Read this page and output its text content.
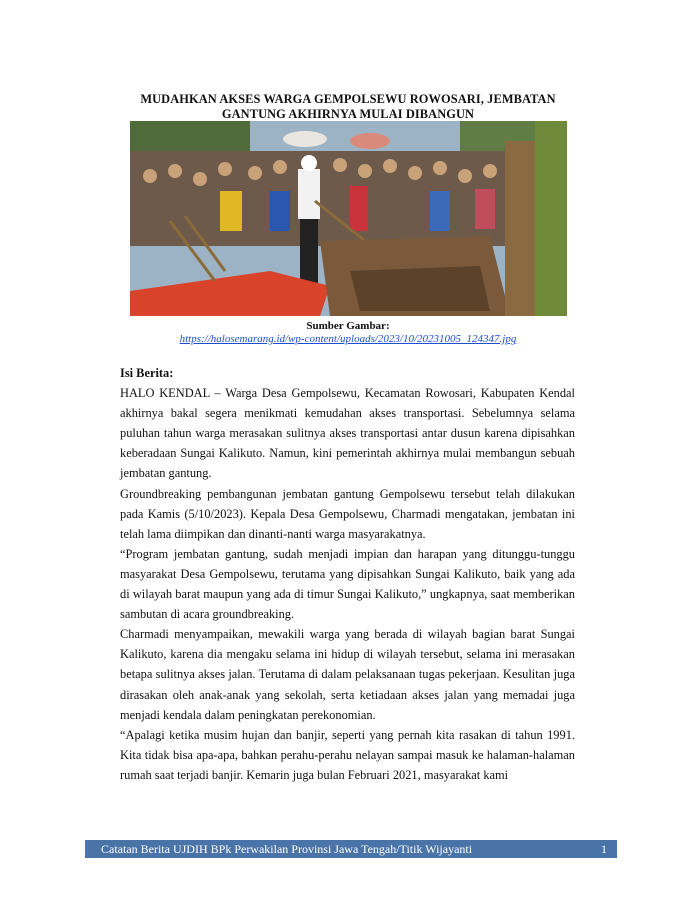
MUDAHKAN AKSES WARGA GEMPOLSEWU ROWOSARI, JEMBATAN GANTUNG AKHIRNYA MULAI DIBANGUN
Sumber Gambar:
https://halosemarang.id/wp-content/uploads/2023/10/20231005_124347.jpg

Isi Berita:

HALO KENDAL – Warga Desa Gempolsewu, Kecamatan Rowosari, Kabupaten Kendal akhirnya bakal segera menikmati kemudahan akses transportasi. Sebelumnya selama puluhan tahun warga merasakan sulitnya akses transportasi antar dusun karena dipisahkan keberadaan Sungai Kalikuto. Namun, kini pemerintah akhirnya mulai membangun sebuah jembatan gantung.

Groundbreaking pembangunan jembatan gantung Gempolsewu tersebut telah dilakukan pada Kamis (5/10/2023). Kepala Desa Gempolsewu, Charmadi mengatakan, jembatan ini telah lama diimpikan dan dinanti-nanti warga masyarakatnya.

“Program jembatan gantung, sudah menjadi impian dan harapan yang ditunggu-tunggu masyarakat Desa Gempolsewu, terutama yang dipisahkan Sungai Kalikuto, baik yang ada di wilayah barat maupun yang ada di timur Sungai Kalikuto,” ungkapnya, saat memberikan sambutan di acara groundbreaking.

Charmadi menyampaikan, mewakili warga yang berada di wilayah bagian barat Sungai Kalikuto, karena dia mengaku selama ini hidup di wilayah tersebut, selama ini merasakan betapa sulitnya akses jalan. Terutama di dalam pelaksanaan tugas pekerjaan. Kesulitan juga dirasakan oleh anak-anak yang sekolah, serta ketiadaan akses jalan yang memadai juga menjadi kendala dalam peningkatan perekonomian.

“Apalagi ketika musim hujan dan banjir, seperti yang pernah kita rasakan di tahun 1991. Kita tidak bisa apa-apa, bahkan perahu-perahu nelayan sampai masuk ke halaman-halaman rumah saat terjadi banjir. Kemarin juga bulan Februari 2021, masyarakat kami

Catatan Berita UJDIH BPk Perwakilan Provinsi Jawa Tengah/Titik Wijayanti	1
